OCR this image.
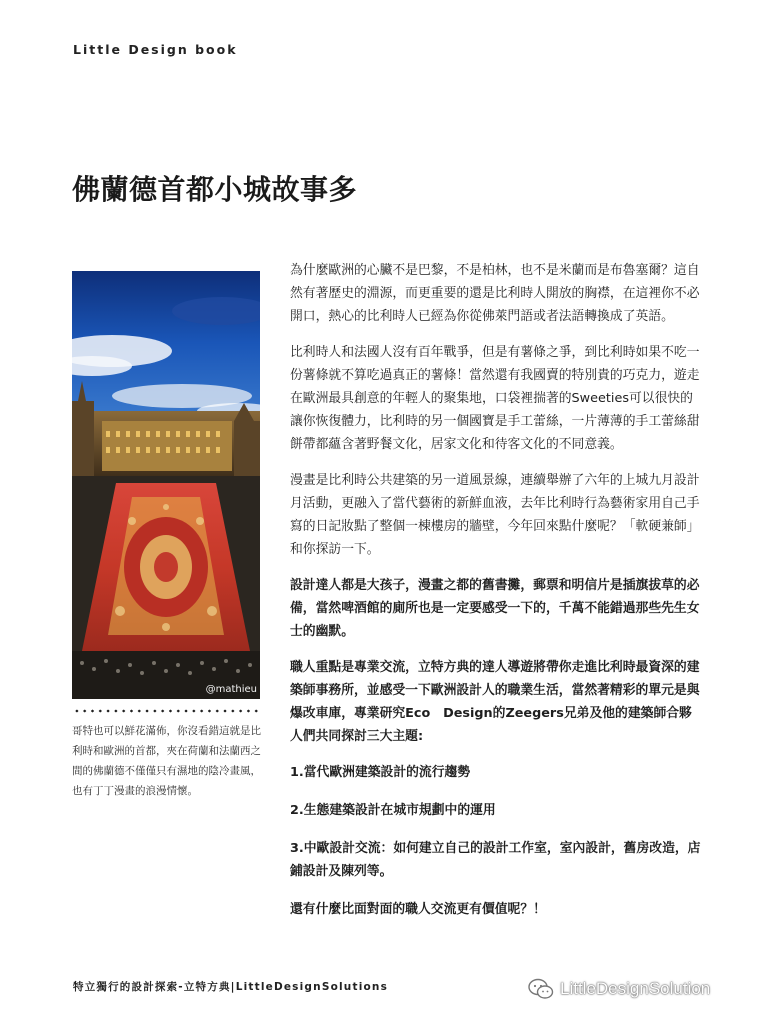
Little Design book
佛蘭德首都小城故事多
@mathieu

哥特也可以鮮花滿佈，你沒看錯這就是比利時和歐洲的首都，夾在荷蘭和法蘭西之間的佛蘭德不僅僅只有濕地的陰冷畫風，也有丁丁漫畫的浪漫情懷。

為什麼歐洲的心臟不是巴黎，不是柏林，也不是米蘭而是布魯塞爾？這自然有著歷史的淵源，而更重要的還是比利時人開放的胸襟，在這裡你不必開口，熱心的比利時人已經為你從佛萊門語或者法語轉換成了英語。

比利時人和法國人沒有百年戰爭，但是有薯條之爭，到比利時如果不吃一份薯條就不算吃過真正的薯條！當然還有我國賣的特別貴的巧克力，遊走在歐洲最具創意的年輕人的聚集地，口袋裡揣著的Sweeties可以很快的讓你恢復體力，比利時的另一個國寶是手工蕾絲，一片薄薄的手工蕾絲甜餅帶都蘊含著野餐文化，居家文化和待客文化的不同意義。

漫畫是比利時公共建築的另一道風景線，連續舉辦了六年的上城九月設計月活動，更融入了當代藝術的新鮮血液，去年比利時行為藝術家用自己手寫的日記妝點了整個一棟樓房的牆壁，今年回來點什麼呢？「軟硬兼師」和你探訪一下。

設計達人都是大孩子，漫畫之都的舊書攤，郵票和明信片是插旗拔草的必備，當然啤酒館的廁所也是一定要感受一下的，千萬不能錯過那些先生女士的幽默。

職人重點是專業交流，立特方典的達人導遊將帶你走進比利時最資深的建築師事務所，並感受一下歐洲設計人的職業生活，當然著精彩的單元是與爆改車庫，專業研究Eco　Design的Zeegers兄弟及他的建築師合夥人們共同探討三大主題:

1.當代歐洲建築設計的流行趨勢

2.生態建築設計在城市規劃中的運用

3.中歐設計交流：如何建立自己的設計工作室，室內設計，舊房改造，店鋪設計及陳列等。

還有什麼比面對面的職人交流更有價值呢？！

特立獨行的設計探索-立特方典|LittleDesignSolutions	LittleDesignSolution
